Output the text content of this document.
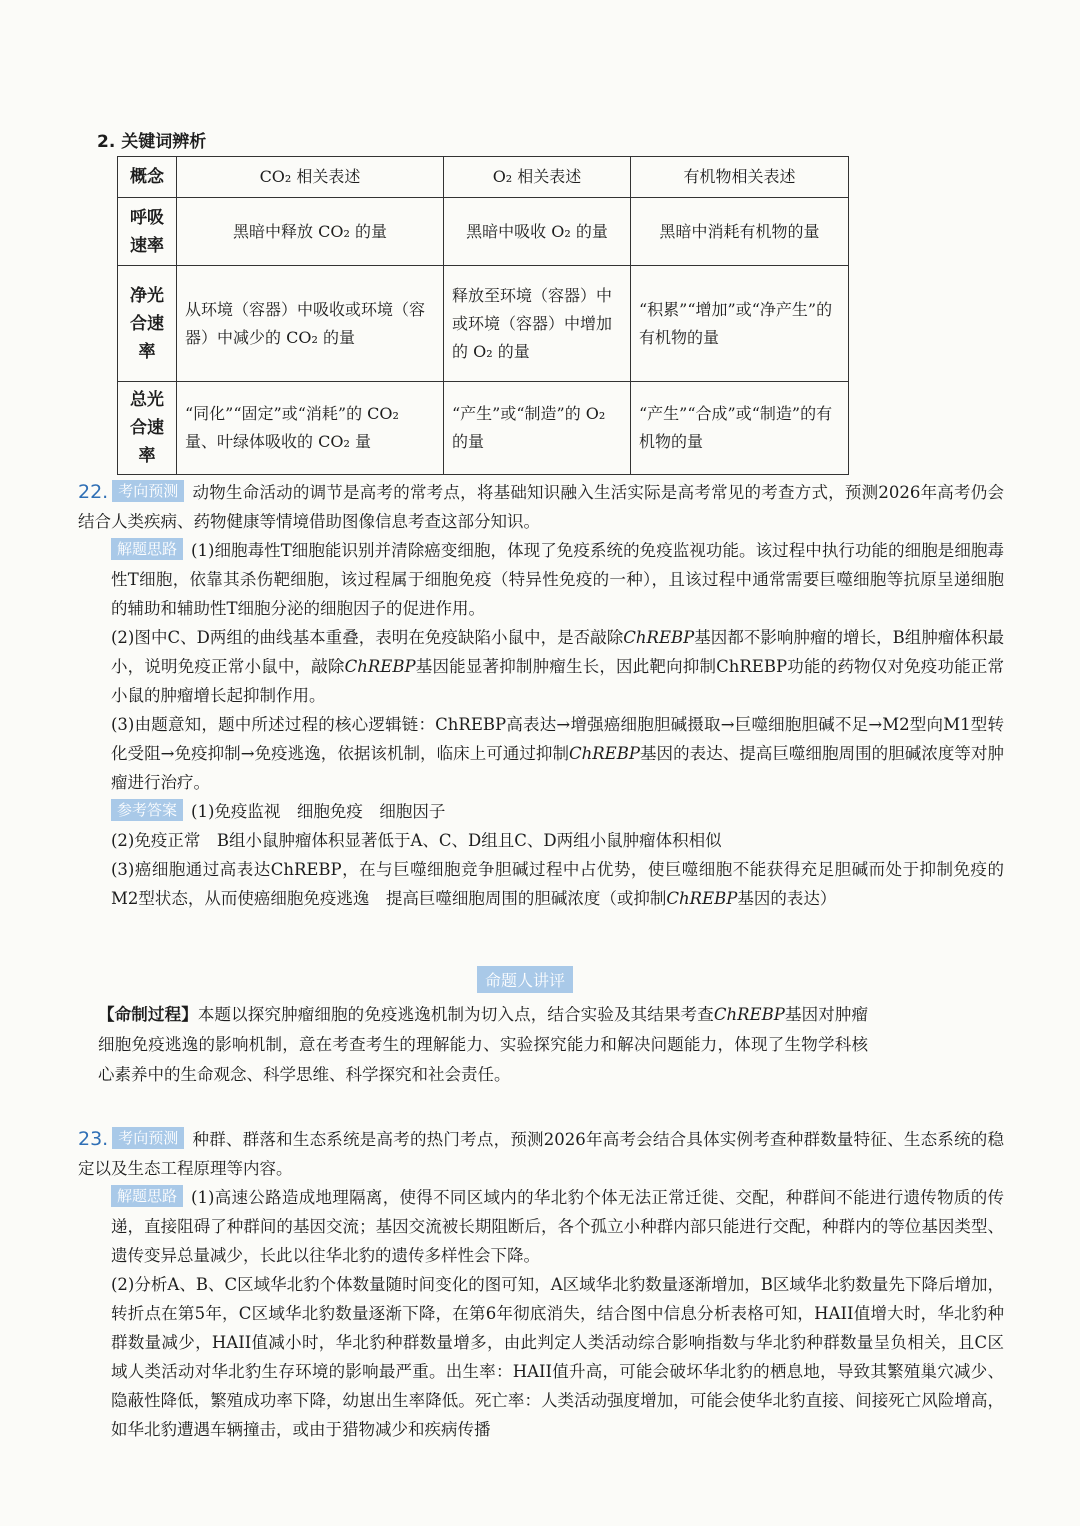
2. 关键词辨析
概念	CO₂ 相关表述	O₂ 相关表述	有机物相关表述
呼吸速率	黑暗中释放 CO₂ 的量	黑暗中吸收 O₂ 的量	黑暗中消耗有机物的量
净光合速率	从环境（容器）中吸收或环境（容器）中减少的 CO₂ 的量	释放至环境（容器）中或环境（容器）中增加的 O₂ 的量	“积累”“增加”或“净产生”的有机物的量
总光合速率	“同化”“固定”或“消耗”的 CO₂ 量、叶绿体吸收的 CO₂ 量	“产生”或“制造”的 O₂ 的量	“产生”“合成”或“制造”的有机物的量
22. 考向预测 动物生命活动的调节是高考的常考点，将基础知识融入生活实际是高考常见的考查方式，预测2026年高考仍会结合人类疾病、药物健康等情境借助图像信息考查这部分知识。
解题思路 (1)细胞毒性T细胞能识别并清除癌变细胞，体现了免疫系统的免疫监视功能。该过程中执行功能的细胞是细胞毒性T细胞，依靠其杀伤靶细胞，该过程属于细胞免疫（特异性免疫的一种），且该过程中通常需要巨噬细胞等抗原呈递细胞的辅助和辅助性T细胞分泌的细胞因子的促进作用。
(2)图中C、D两组的曲线基本重叠，表明在免疫缺陷小鼠中，是否敲除ChREBP基因都不影响肿瘤的增长，B组肿瘤体积最小，说明免疫正常小鼠中，敲除ChREBP基因能显著抑制肿瘤生长，因此靶向抑制ChREBP功能的药物仅对免疫功能正常小鼠的肿瘤增长起抑制作用。
(3)由题意知，题中所述过程的核心逻辑链：ChREBP高表达→增强癌细胞胆碱摄取→巨噬细胞胆碱不足→M2型向M1型转化受阻→免疫抑制→免疫逃逸，依据该机制，临床上可通过抑制ChREBP基因的表达、提高巨噬细胞周围的胆碱浓度等对肿瘤进行治疗。
参考答案 (1)免疫监视　细胞免疫　细胞因子
(2)免疫正常　B组小鼠肿瘤体积显著低于A、C、D组且C、D两组小鼠肿瘤体积相似
(3)癌细胞通过高表达ChREBP，在与巨噬细胞竞争胆碱过程中占优势，使巨噬细胞不能获得充足胆碱而处于抑制免疫的M2型状态，从而使癌细胞免疫逃逸　提高巨噬细胞周围的胆碱浓度（或抑制ChREBP基因的表达）
命题人讲评
【命制过程】本题以探究肿瘤细胞的免疫逃逸机制为切入点，结合实验及其结果考查ChREBP基因对肿瘤细胞免疫逃逸的影响机制，意在考查考生的理解能力、实验探究能力和解决问题能力，体现了生物学科核心素养中的生命观念、科学思维、科学探究和社会责任。
23. 考向预测 种群、群落和生态系统是高考的热门考点，预测2026年高考会结合具体实例考查种群数量特征、生态系统的稳定以及生态工程原理等内容。
解题思路 (1)高速公路造成地理隔离，使得不同区域内的华北豹个体无法正常迁徙、交配，种群间不能进行遗传物质的传递，直接阻碍了种群间的基因交流；基因交流被长期阻断后，各个孤立小种群内部只能进行交配，种群内的等位基因类型、遗传变异总量减少，长此以往华北豹的遗传多样性会下降。
(2)分析A、B、C区域华北豹个体数量随时间变化的图可知，A区域华北豹数量逐渐增加，B区域华北豹数量先下降后增加，转折点在第5年，C区域华北豹数量逐渐下降，在第6年彻底消失，结合图中信息分析表格可知，HAII值增大时，华北豹种群数量减少，HAII值减小时，华北豹种群数量增多，由此判定人类活动综合影响指数与华北豹种群数量呈负相关，且C区域人类活动对华北豹生存环境的影响最严重。出生率：HAII值升高，可能会破坏华北豹的栖息地，导致其繁殖巢穴减少、隐蔽性降低，繁殖成功率下降，幼崽出生率降低。死亡率：人类活动强度增加，可能会使华北豹直接、间接死亡风险增高，如华北豹遭遇车辆撞击，或由于猎物减少和疾病传播
